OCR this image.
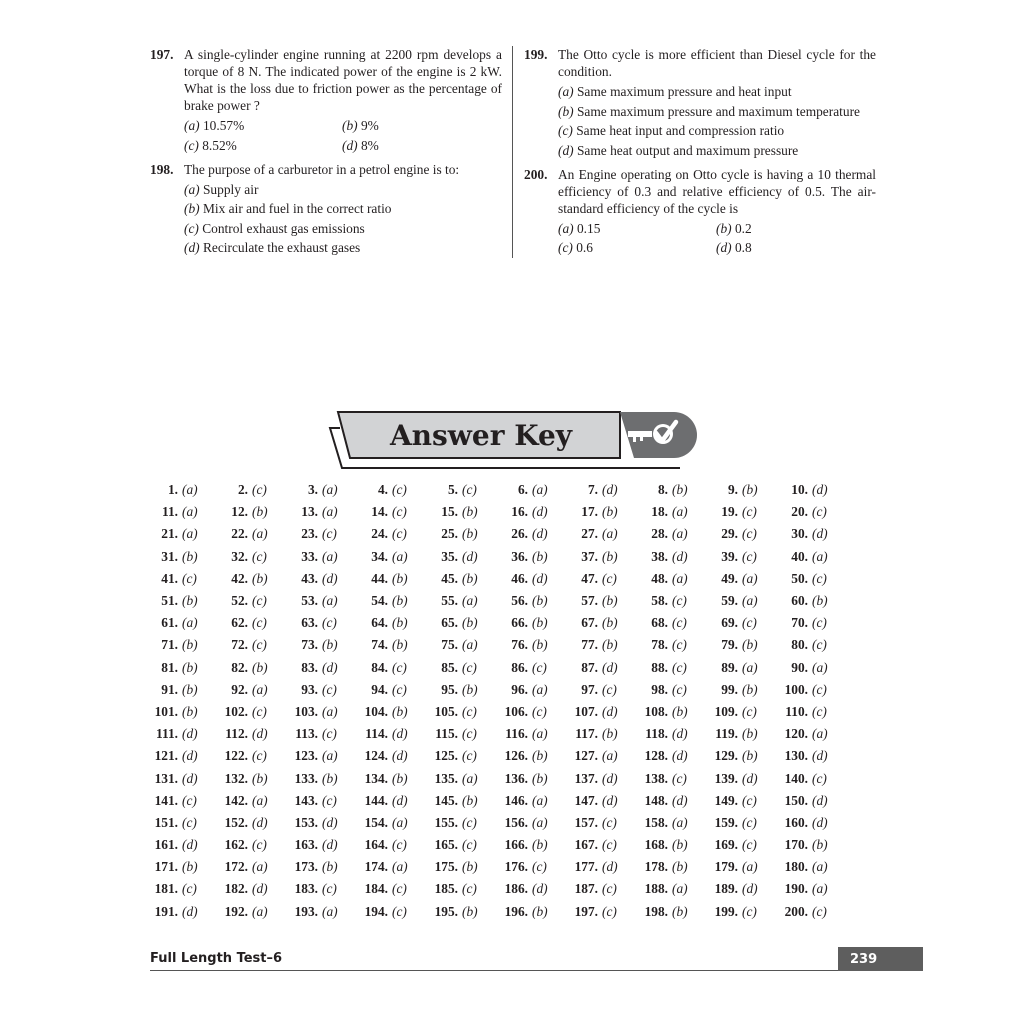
197. A single-cylinder engine running at 2200 rpm develops a torque of 8 N. The indicated power of the engine is 2 kW. What is the loss due to friction power as the percentage of brake power ?
(a) 10.57%	(b) 9%
(c) 8.52%	(d) 8%
198. The purpose of a carburetor in a petrol engine is to:
(a) Supply air
(b) Mix air and fuel in the correct ratio
(c) Control exhaust gas emissions
(d) Recirculate the exhaust gases
199. The Otto cycle is more efficient than Diesel cycle for the condition.
(a) Same maximum pressure and heat input
(b) Same maximum pressure and maximum temperature
(c) Same heat input and compression ratio
(d) Same heat output and maximum pressure
200. An Engine operating on Otto cycle is having a 10 thermal efficiency of 0.3 and relative efficiency of 0.5. The air-standard efficiency of the cycle is
(a) 0.15	(b) 0.2
(c) 0.6	(d) 0.8
Answer Key
1. (a)	2. (c)	3. (a)	4. (c)	5. (c)	6. (a)	7. (d)	8. (b)	9. (b)	10. (d)
11. (a)	12. (b)	13. (a)	14. (c)	15. (b)	16. (d)	17. (b)	18. (a)	19. (c)	20. (c)
21. (a)	22. (a)	23. (c)	24. (c)	25. (b)	26. (d)	27. (a)	28. (a)	29. (c)	30. (d)
31. (b)	32. (c)	33. (a)	34. (a)	35. (d)	36. (b)	37. (b)	38. (d)	39. (c)	40. (a)
41. (c)	42. (b)	43. (d)	44. (b)	45. (b)	46. (d)	47. (c)	48. (a)	49. (a)	50. (c)
51. (b)	52. (c)	53. (a)	54. (b)	55. (a)	56. (b)	57. (b)	58. (c)	59. (a)	60. (b)
61. (a)	62. (c)	63. (c)	64. (b)	65. (b)	66. (b)	67. (b)	68. (c)	69. (c)	70. (c)
71. (b)	72. (c)	73. (b)	74. (b)	75. (a)	76. (b)	77. (b)	78. (c)	79. (b)	80. (c)
81. (b)	82. (b)	83. (d)	84. (c)	85. (c)	86. (c)	87. (d)	88. (c)	89. (a)	90. (a)
91. (b)	92. (a)	93. (c)	94. (c)	95. (b)	96. (a)	97. (c)	98. (c)	99. (b)	100. (c)
101. (b)	102. (c)	103. (a)	104. (b)	105. (c)	106. (c)	107. (d)	108. (b)	109. (c)	110. (c)
111. (d)	112. (d)	113. (c)	114. (d)	115. (c)	116. (a)	117. (b)	118. (d)	119. (b)	120. (a)
121. (d)	122. (c)	123. (a)	124. (d)	125. (c)	126. (b)	127. (a)	128. (d)	129. (b)	130. (d)
131. (d)	132. (b)	133. (b)	134. (b)	135. (a)	136. (b)	137. (d)	138. (c)	139. (d)	140. (c)
141. (c)	142. (a)	143. (c)	144. (d)	145. (b)	146. (a)	147. (d)	148. (d)	149. (c)	150. (d)
151. (c)	152. (d)	153. (d)	154. (a)	155. (c)	156. (a)	157. (c)	158. (a)	159. (c)	160. (d)
161. (d)	162. (c)	163. (d)	164. (c)	165. (c)	166. (b)	167. (c)	168. (b)	169. (c)	170. (b)
171. (b)	172. (a)	173. (b)	174. (a)	175. (b)	176. (c)	177. (d)	178. (b)	179. (a)	180. (a)
181. (c)	182. (d)	183. (c)	184. (c)	185. (c)	186. (d)	187. (c)	188. (a)	189. (d)	190. (a)
191. (d)	192. (a)	193. (a)	194. (c)	195. (b)	196. (b)	197. (c)	198. (b)	199. (c)	200. (c)
Full Length Test–6	239
